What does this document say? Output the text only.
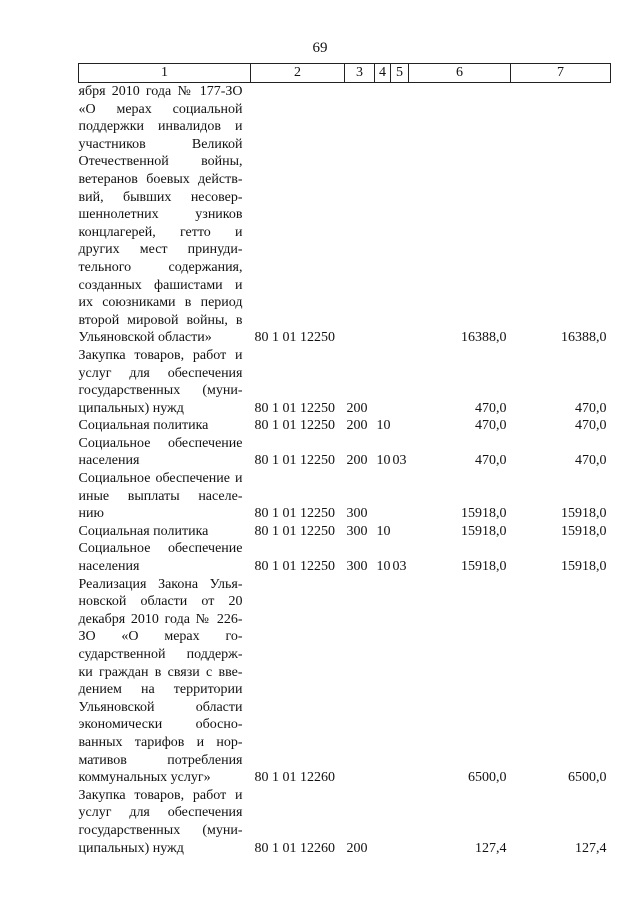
69
1	2	3	4	5	6	7
ября 2010 года № 177-ЗО «О мерах социальной поддержки инвалидов и участников Великой Отечественной войны, ветеранов боевых действ- вий, бывших несовер- шеннолетних узников концлагерей, гетто и других мест принуди- тельного содержания, созданных фашистами и их союзниками в период второй мировой войны, в
Ульяновской области»	80 1 01 12250				16388,0	16388,0
Закупка товаров, работ и услуг для обеспечения государственных (муни-
ципальных) нужд	80 1 01 12250	200			470,0	470,0

Социальная политика	80 1 01 12250	200	10		470,0	470,0
Социальное обеспечение
населения	80 1 01 12250	200	10	03	470,0	470,0
Социальное обеспечение и иные выплаты населе-
нию	80 1 01 12250	300			15918,0	15918,0

Социальная политика	80 1 01 12250	300	10		15918,0	15918,0
Социальное обеспечение
населения	80 1 01 12250	300	10	03	15918,0	15918,0
Реализация Закона Улья- новской области от 20 декабря 2010 года № 226-ЗО «О мерах го- сударственной поддерж- ки граждан в связи с вве- дением на территории Ульяновской области экономически обосно- ванных тарифов и нор- мативов потребления
коммунальных услуг»	80 1 01 12260				6500,0	6500,0
Закупка товаров, работ и услуг для обеспечения государственных (муни-
ципальных) нужд	80 1 01 12260	200			127,4	127,4
